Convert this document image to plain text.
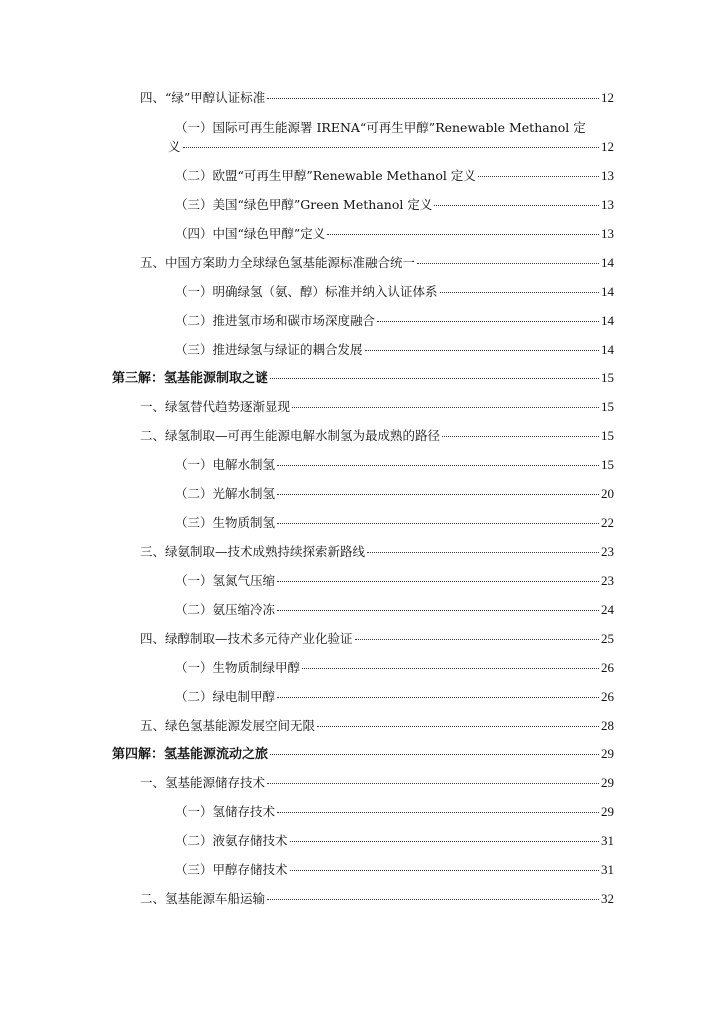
四、“绿”甲醇认证标准	12
（一）国际可再生能源署 IRENA“可再生甲醇”Renewable Methanol 定
义	12
（二）欧盟“可再生甲醇”Renewable Methanol 定义	13
（三）美国“绿色甲醇”Green Methanol 定义	13
（四）中国“绿色甲醇”定义	13
五、中国方案助力全球绿色氢基能源标准融合统一	14
（一）明确绿氢（氨、醇）标准并纳入认证体系	14
（二）推进氢市场和碳市场深度融合	14
（三）推进绿氢与绿证的耦合发展	14
第三解：氢基能源制取之谜	15
一、绿氢替代趋势逐渐显现	15
二、绿氢制取—可再生能源电解水制氢为最成熟的路径	15
（一）电解水制氢	15
（二）光解水制氢	20
（三）生物质制氢	22
三、绿氨制取—技术成熟持续探索新路线	23
（一）氢氮气压缩	23
（二）氨压缩冷冻	24
四、绿醇制取—技术多元待产业化验证	25
（一）生物质制绿甲醇	26
（二）绿电制甲醇	26
五、绿色氢基能源发展空间无限	28
第四解：氢基能源流动之旅	29
一、氢基能源储存技术	29
（一）氢储存技术	29
（二）液氨存储技术	31
（三）甲醇存储技术	31
二、氢基能源车船运输	32
